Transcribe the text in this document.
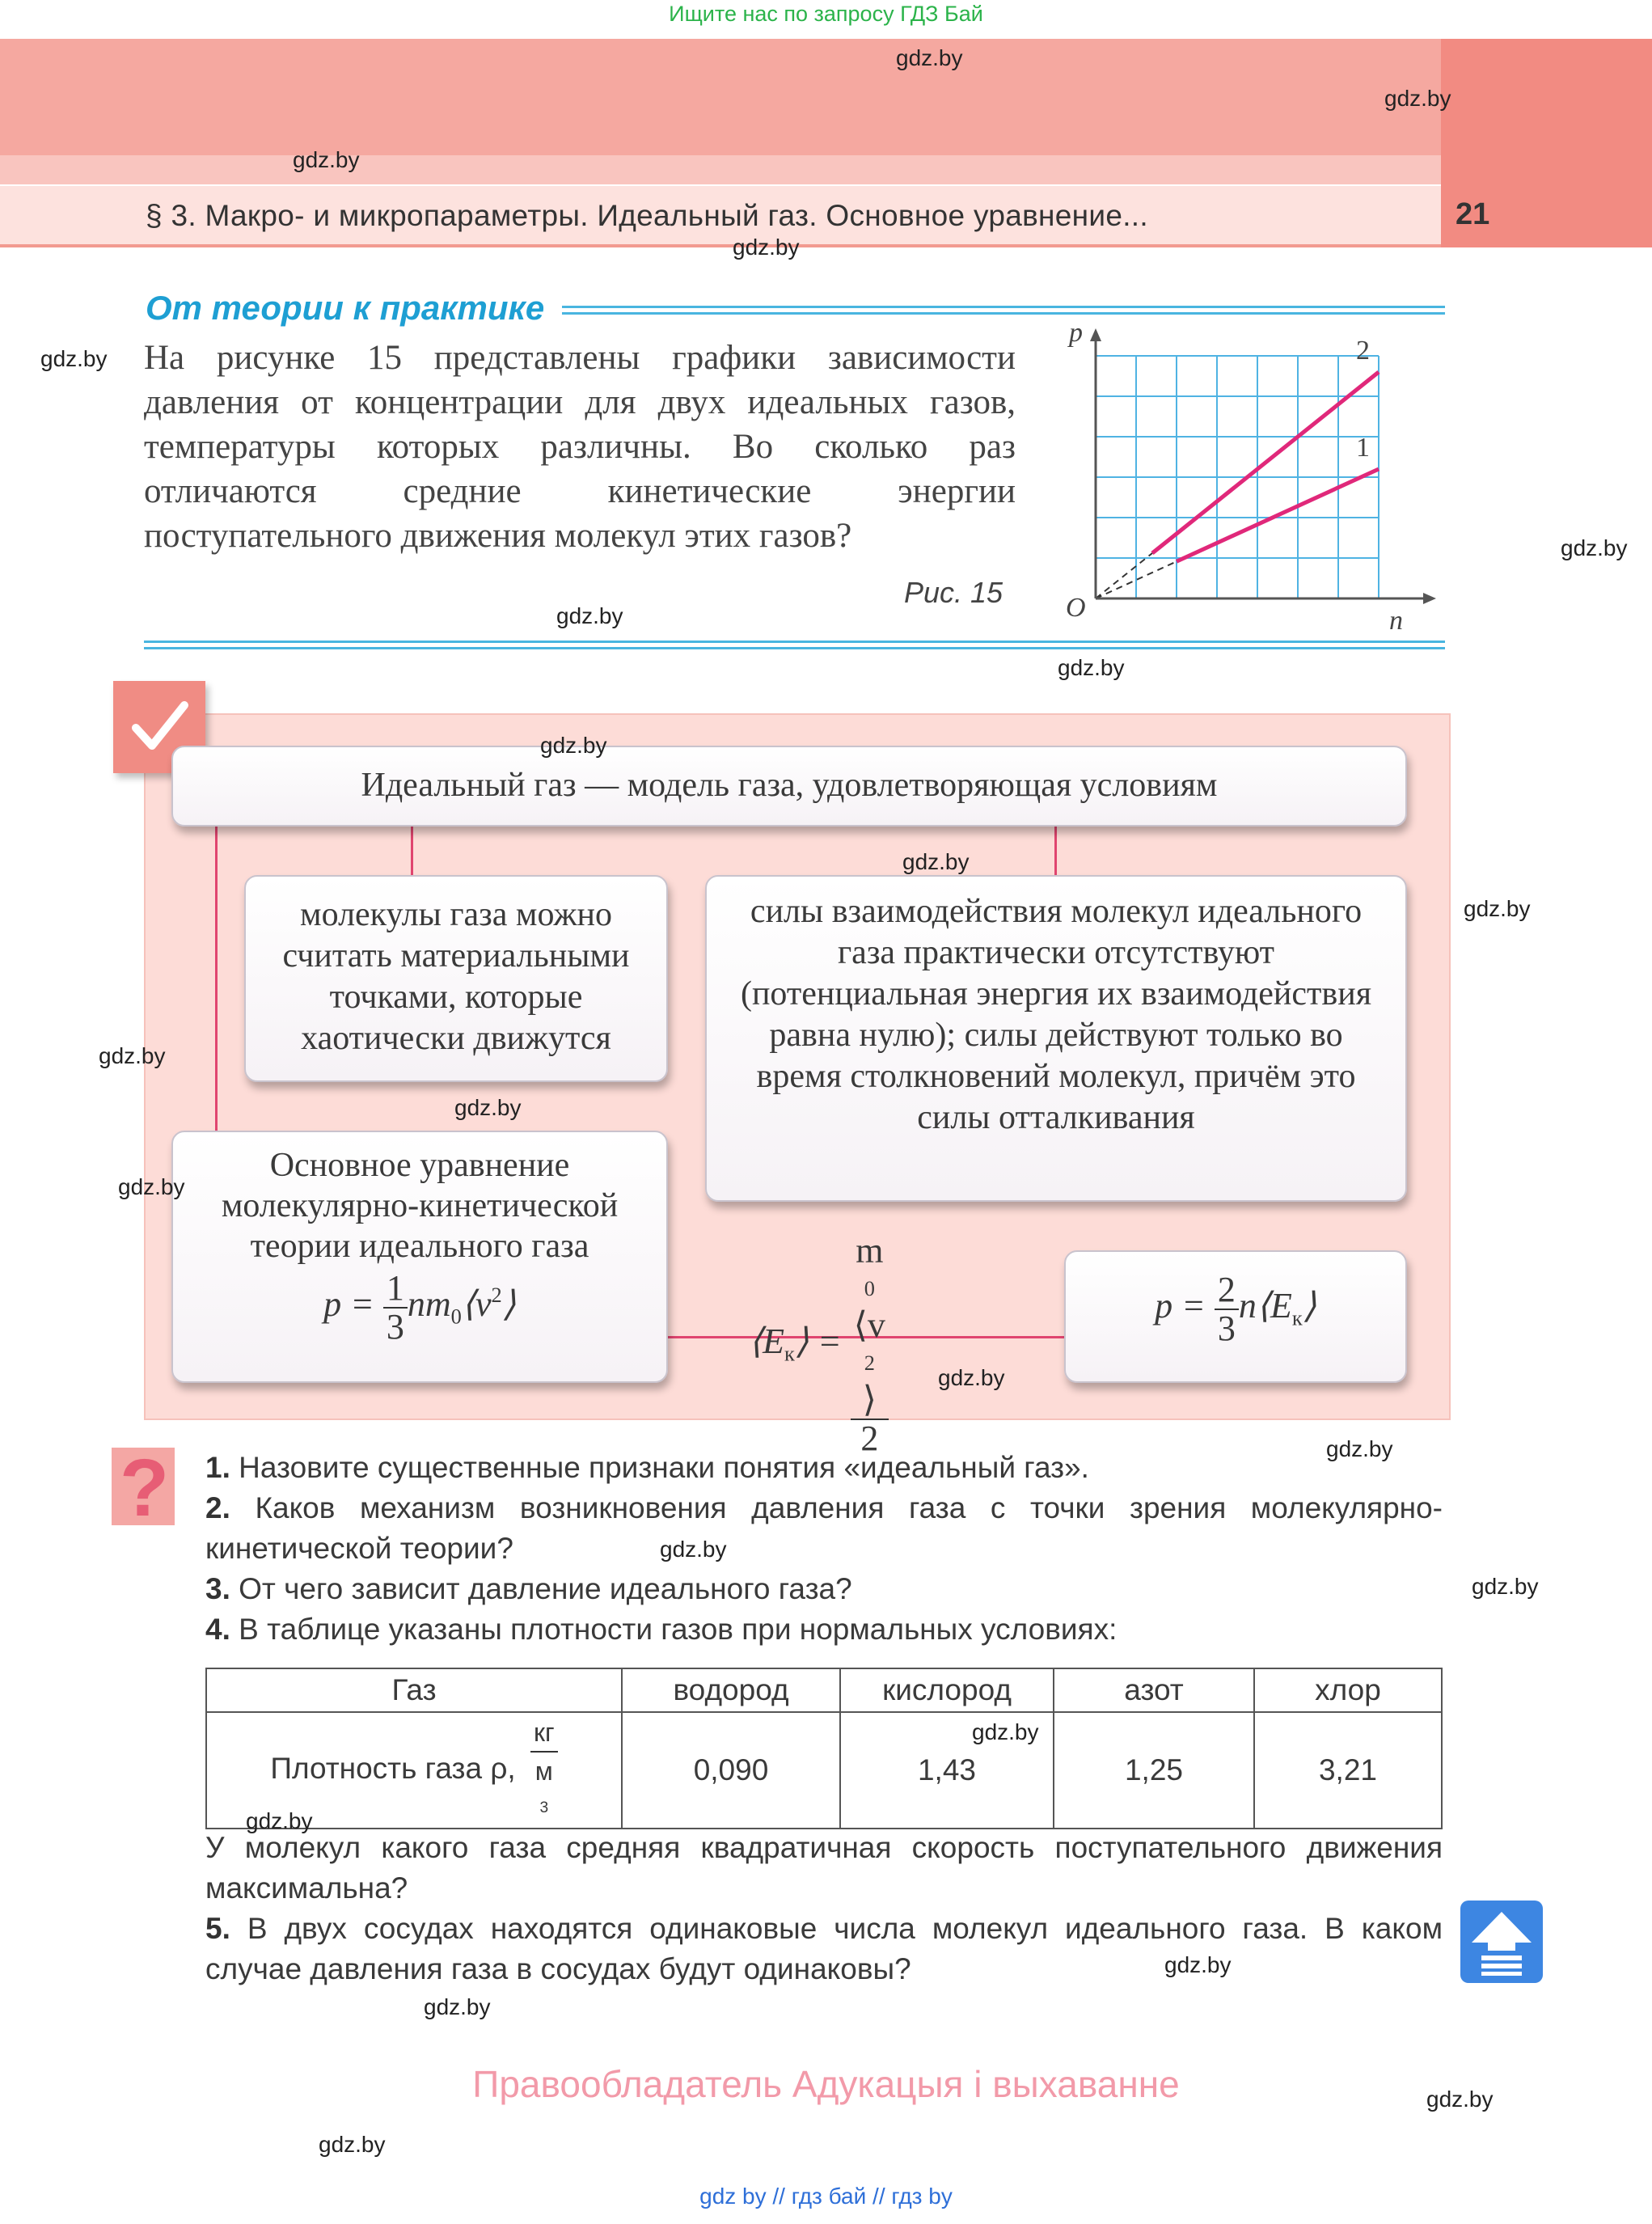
Ищите нас по запросу ГДЗ Бай
§ 3. Макро- и микропараметры. Идеальный газ. Основное уравнение...	21
От теории к практике
На рисунке 15 представлены графики зависимости давления от концентрации для двух идеальных газов, температуры которых различны. Во сколько раз отличаются средние кинетические энергии поступательного движения молекул этих газов?
Рис. 15
1
2
p
n
O
Идеальный газ — модель газа, удовлетворяющая условиям
молекулы газа можно считать материальными точками, которые хаотически движутся
силы взаимодействия молекул идеального газа практически отсутствуют (потенциальная энергия их взаимодействия равна нулю); силы действуют только во время столкновений молекул, причём это силы отталкивания
Основное уравнение молекулярно-кинетической теории идеального газа
$p = \frac{1}{3}$ $nm_0⟨v^2⟩$
$⟨E_к⟩ = m$
0
⟨v
2
⟩
2	$p = \frac{2}{3}$ $n⟨E_к⟩$
? 1. Назовите существенные признаки понятия «идеальный газ».
2. Каков механизм возникновения давления газа с точки зрения молекулярно-кинетической теории?
3. От чего зависит давление идеального газа?
4. В таблице указаны плотности газов при нормальных условиях:
Газ	водород	кислород	азот	хлор
Плотность газа ρ, кг
м
3	0,090	1,43	1,25	3,21
У молекул какого газа средняя квадратичная скорость поступательного движения максимальна?
5. В двух сосудах находятся одинаковые числа молекул идеального газа. В каком случае давления газа в сосудах будут одинаковы?
Правообладатель Адукацыя і выхаванне
gdz by // гдз бай // гдз by
gdz.by
gdz.by
gdz.by
gdz.by
gdz.by
gdz.by
gdz.by
gdz.by
gdz.by
gdz.by
gdz.by
gdz.by
gdz.by
gdz.by
gdz.by
gdz.by
gdz.by
gdz.by
gdz.by
gdz.by
gdz.by
gdz.by
gdz.by
gdz.by
